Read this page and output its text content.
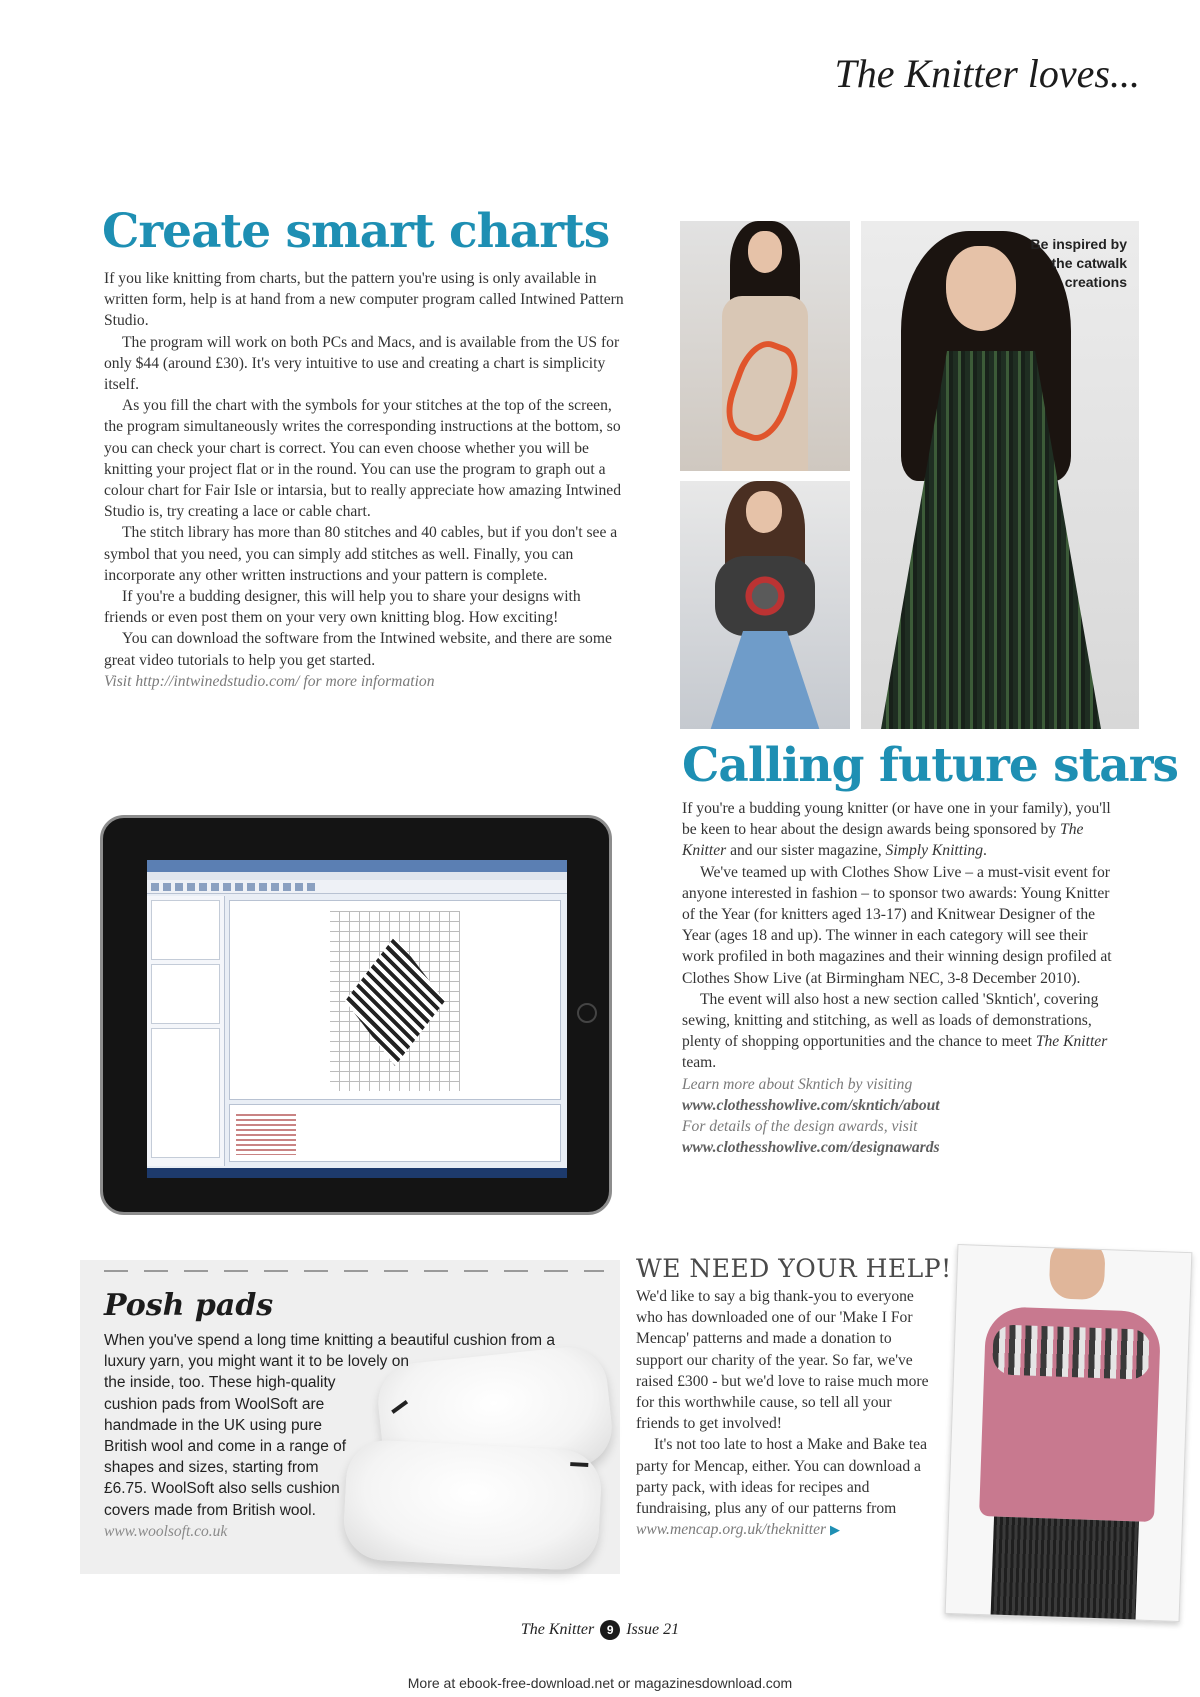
The Knitter loves...
Create smart charts

If you like knitting from charts, but the pattern you're using is only available in written form, help is at hand from a new computer program called Intwined Pattern Studio.

The program will work on both PCs and Macs, and is available from the US for only $44 (around £30). It's very intuitive to use and creating a chart is simplicity itself.

As you fill the chart with the symbols for your stitches at the top of the screen, the program simultaneously writes the corresponding instructions at the bottom, so you can check your chart is correct. You can even choose whether you will be knitting your project flat or in the round. You can use the program to graph out a colour chart for Fair Isle or intarsia, but to really appreciate how amazing Intwined Studio is, try creating a lace or cable chart.

The stitch library has more than 80 stitches and 40 cables, but if you don't see a symbol that you need, you can simply add stitches as well. Finally, you can incorporate any other written instructions and your pattern is complete.

If you're a budding designer, this will help you to share your designs with friends or even post them on your very own knitting blog. How exciting!

You can download the software from the Intwined website, and there are some great video tutorials to help you get started.

Visit http://intwinedstudio.com/ for more information
Be inspired by the catwalk creations
Calling future stars

If you're a budding young knitter (or have one in your family), you'll be keen to hear about the design awards being sponsored by The Knitter and our sister magazine, Simply Knitting.

We've teamed up with Clothes Show Live – a must-visit event for anyone interested in fashion – to sponsor two awards: Young Knitter of the Year (for knitters aged 13-17) and Knitwear Designer of the Year (ages 18 and up). The winner in each category will see their work profiled in both magazines and their winning design profiled at Clothes Show Live (at Birmingham NEC, 3-8 December 2010).

The event will also host a new section called 'Skntich', covering sewing, knitting and stitching, as well as loads of demonstrations, plenty of shopping opportunities and the chance to meet The Knitter team.

Learn more about Skntich by visiting
www.clothesshowlive.com/skntich/about
For details of the design awards, visit
www.clothesshowlive.com/designawards
Posh pads
When you've spend a long time knitting a beautiful cushion from a luxury yarn, you might want it to be lovely on
the inside, too. These high-quality cushion pads from WoolSoft are handmade in the UK using pure British wool and come in a range of shapes and sizes, starting from £6.75. WoolSoft also sells cushion covers made from British wool.
www.woolsoft.co.uk
WE NEED YOUR HELP!

We'd like to say a big thank-you to everyone who has downloaded one of our 'Make I For Mencap' patterns and made a donation to support our charity of the year. So far, we've raised £300 - but we'd love to raise much more for this worthwhile cause, so tell all your friends to get involved!

It's not too late to host a Make and Bake tea party for Mencap, either. You can download a party pack, with ideas for recipes and fundraising, plus any of our patterns from

www.mencap.org.uk/theknitter ▶
The Knitter 9 Issue 21
More at ebook-free-download.net or magazinesdownload.com
